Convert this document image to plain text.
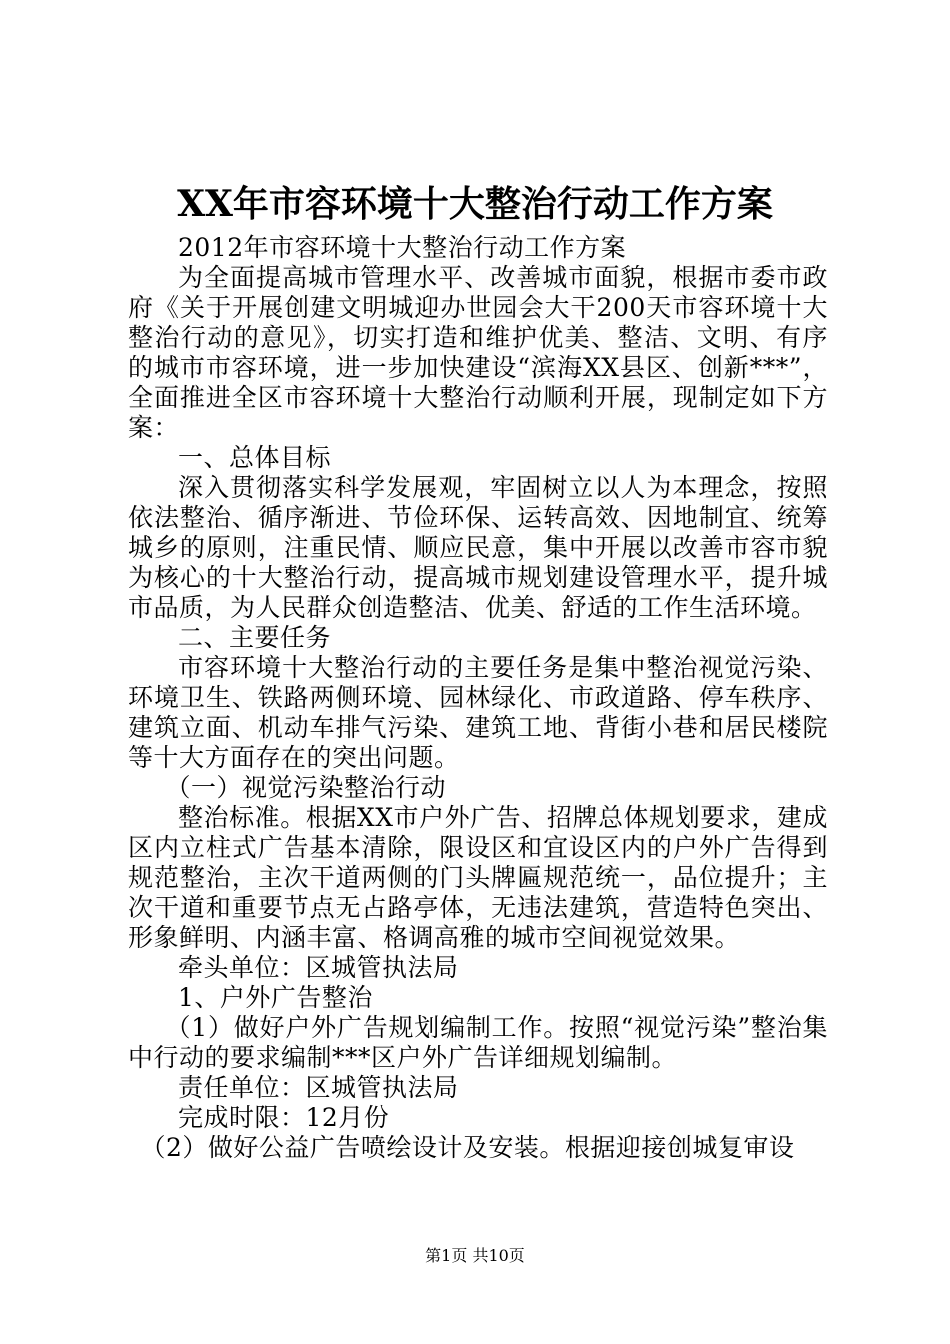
XX年市容环境十大整治行动工作方案

2012年市容环境十大整治行动工作方案

为全面提高城市管理水平、改善城市面貌，根据市委市政府《关于开展创建文明城迎办世园会大干200天市容环境十大整治行动的意见》，切实打造和维护优美、整洁、文明、有序的城市市容环境，进一步加快建设“滨海XX县区、创新***”，全面推进全区市容环境十大整治行动顺利开展，现制定如下方案：

一、总体目标

深入贯彻落实科学发展观，牢固树立以人为本理念，按照依法整治、循序渐进、节俭环保、运转高效、因地制宜、统筹城乡的原则，注重民情、顺应民意，集中开展以改善市容市貌为核心的十大整治行动，提高城市规划建设管理水平，提升城市品质，为人民群众创造整洁、优美、舒适的工作生活环境。

二、主要任务

市容环境十大整治行动的主要任务是集中整治视觉污染、环境卫生、铁路两侧环境、园林绿化、市政道路、停车秩序、建筑立面、机动车排气污染、建筑工地、背街小巷和居民楼院等十大方面存在的突出问题。

（一）视觉污染整治行动

整治标准。根据XX市户外广告、招牌总体规划要求，建成区内立柱式广告基本清除，限设区和宜设区内的户外广告得到规范整治，主次干道两侧的门头牌匾规范统一，品位提升；主次干道和重要节点无占路亭体，无违法建筑，营造特色突出、形象鲜明、内涵丰富、格调高雅的城市空间视觉效果。

牵头单位：区城管执法局

1、户外广告整治

（1）做好户外广告规划编制工作。按照“视觉污染”整治集中行动的要求编制***区户外广告详细规划编制。

责任单位：区城管执法局

完成时限：12月份

（2）做好公益广告喷绘设计及安装。根据迎接创城复审设

第1页 共10页
